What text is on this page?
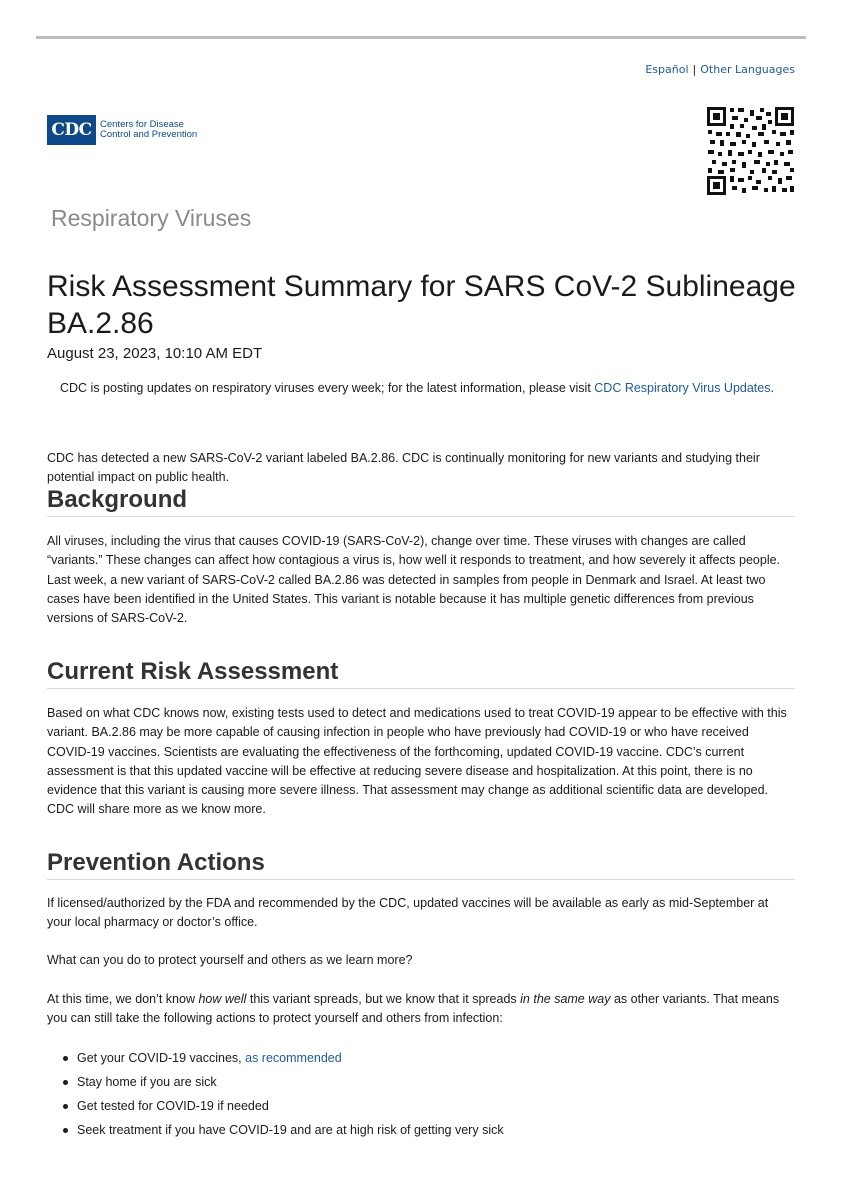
Español | Other Languages
CDC Centers for Disease
Control and Prevention
Respiratory Viruses
Risk Assessment Summary for SARS CoV-2 Sublineage BA.2.86
August 23, 2023, 10:10 AM EDT
CDC is posting updates on respiratory viruses every week; for the latest information, please visit CDC Respiratory Virus Updates.

CDC has detected a new SARS-CoV-2 variant labeled BA.2.86. CDC is continually monitoring for new variants and studying their potential impact on public health.

Background

All viruses, including the virus that causes COVID-19 (SARS-CoV-2), change over time. These viruses with changes are called “variants.” These changes can affect how contagious a virus is, how well it responds to treatment, and how severely it affects people. Last week, a new variant of SARS-CoV-2 called BA.2.86 was detected in samples from people in Denmark and Israel. At least two cases have been identified in the United States. This variant is notable because it has multiple genetic differences from previous versions of SARS-CoV-2.

Current Risk Assessment

Based on what CDC knows now, existing tests used to detect and medications used to treat COVID-19 appear to be effective with this variant. BA.2.86 may be more capable of causing infection in people who have previously had COVID-19 or who have received COVID-19 vaccines. Scientists are evaluating the effectiveness of the forthcoming, updated COVID-19 vaccine. CDC’s current assessment is that this updated vaccine will be effective at reducing severe disease and hospitalization. At this point, there is no evidence that this variant is causing more severe illness. That assessment may change as additional scientific data are developed. CDC will share more as we know more.

Prevention Actions

If licensed/authorized by the FDA and recommended by the CDC, updated vaccines will be available as early as mid-September at your local pharmacy or doctor’s office.

What can you do to protect yourself and others as we learn more?

At this time, we don’t know how well this variant spreads, but we know that it spreads in the same way as other variants. That means you can still take the following actions to protect yourself and others from infection:

Get your COVID-19 vaccines, as recommended
Stay home if you are sick
Get tested for COVID-19 if needed
Seek treatment if you have COVID-19 and are at high risk of getting very sick
